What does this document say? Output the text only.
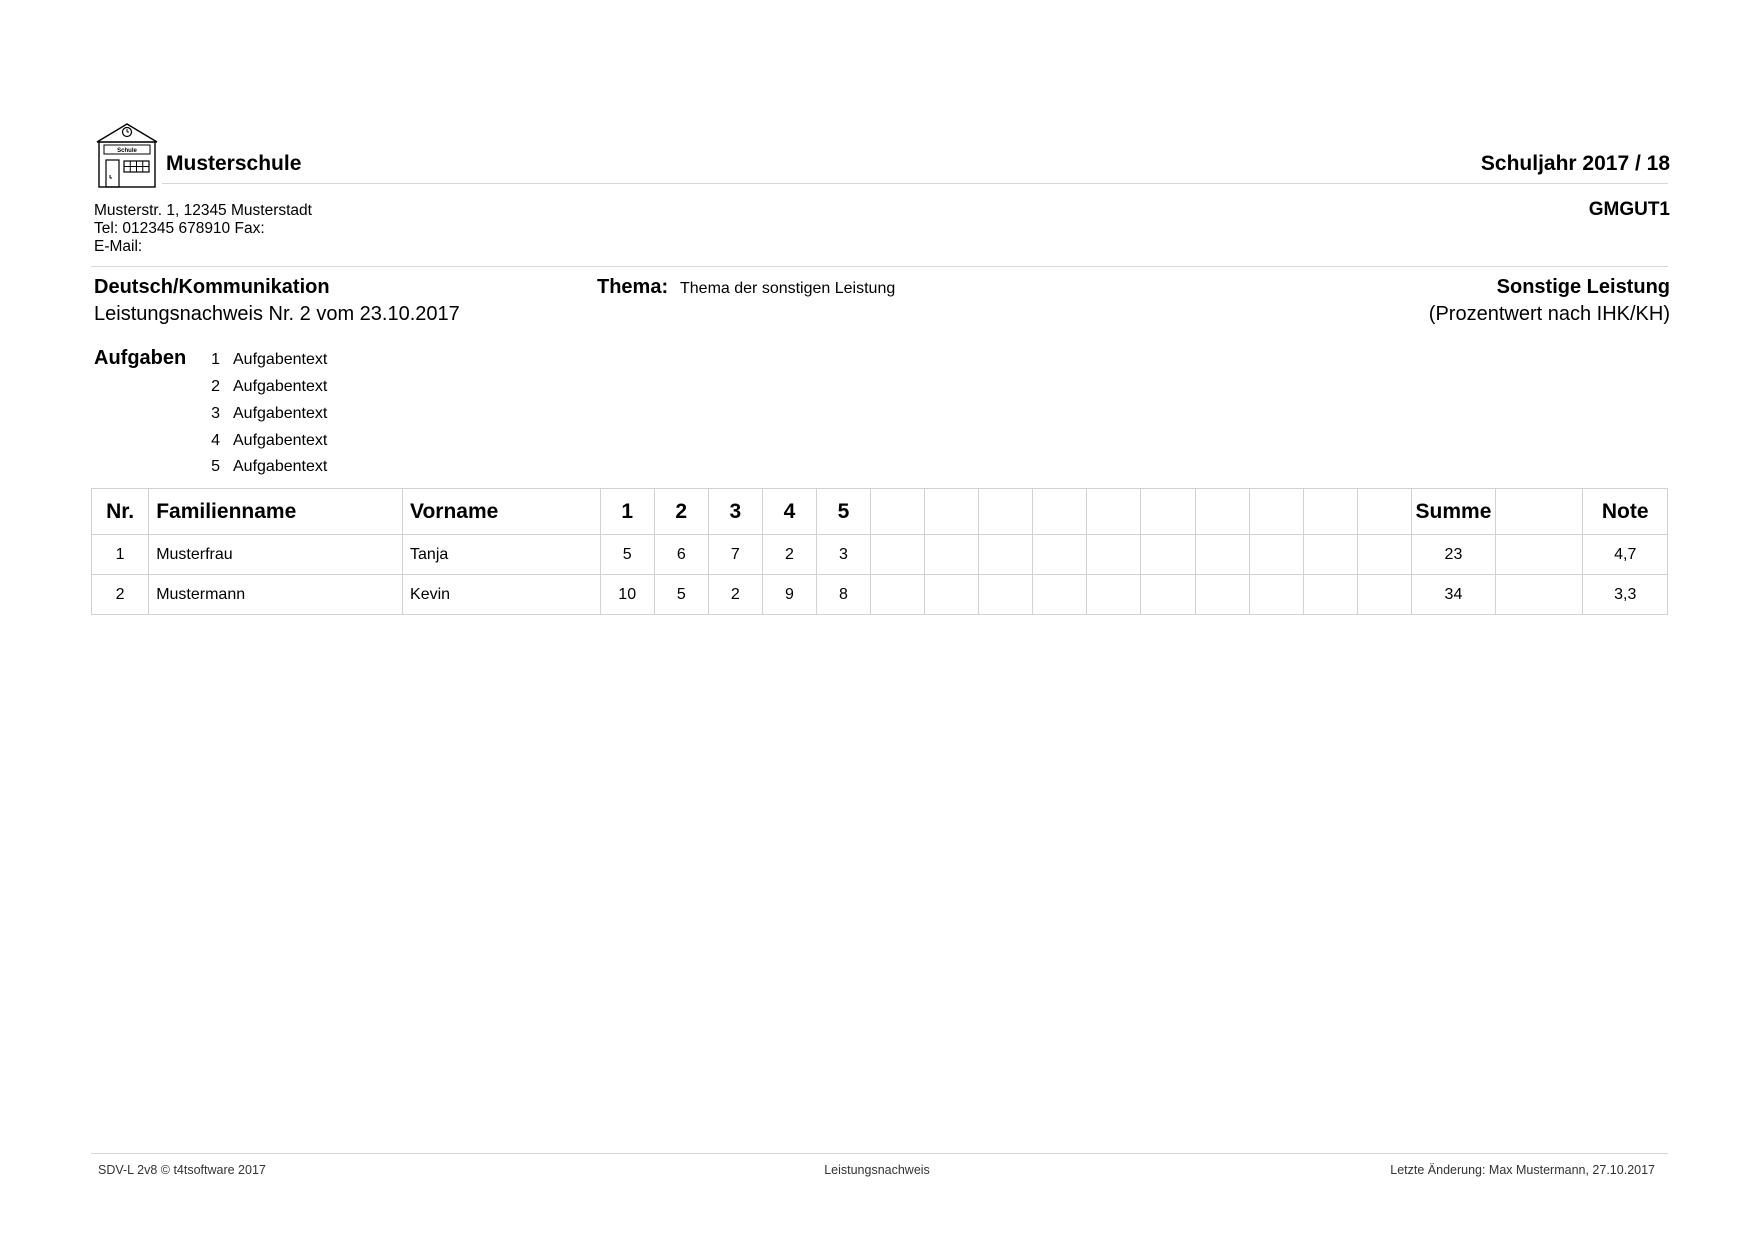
Schule
Musterschule	Schuljahr 2017 / 18
Musterstr. 1, 12345 Musterstadt
Tel: 012345 678910 Fax:
E-Mail:
GMGUT1
Deutsch/Kommunikation
Leistungsnachweis Nr. 2 vom 23.10.2017
Thema: Thema der sonstigen Leistung	Sonstige Leistung
(Prozentwert nach IHK/KH)
Aufgaben	1 Aufgabentext
2 Aufgabentext
3 Aufgabentext
4 Aufgabentext
5 Aufgabentext
Nr.	Familienname	Vorname	1	2	3	4	5											Summe		Note
1	Musterfrau	Tanja	5	6	7	2	3											23		4,7
2	Mustermann	Kevin	10	5	2	9	8											34		3,3
SDV-L 2v8 © t4tsoftware 2017	Leistungsnachweis	Letzte Änderung: Max Mustermann, 27.10.2017
